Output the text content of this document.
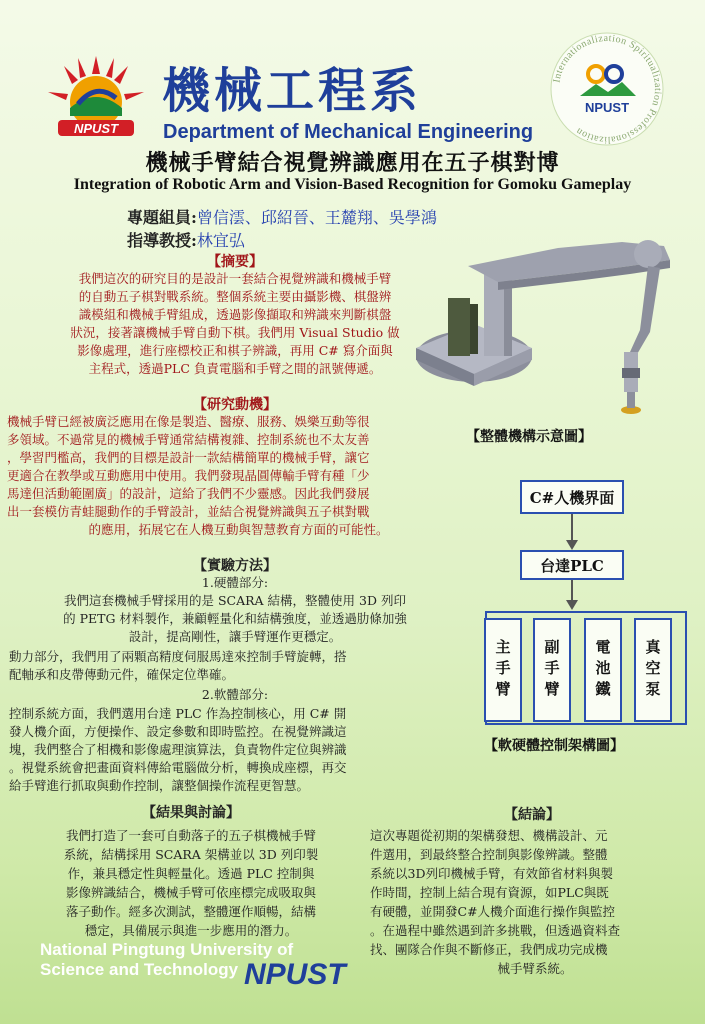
NPUST
機械工程系
Department of Mechanical Engineering
Internationalization Spiritualization Professionalization
NPUST
機械手臂結合視覺辨識應用在五子棋對博
Integration of Robotic Arm and Vision-Based Recognition for Gomoku Gameplay
專題組員:曾信澐、邱紹晉、王麓翔、吳學鴻
指導教授:林宜弘
【摘要】
我們這次的研究目的是設計一套結合視覺辨識和機械手臂
的自動五子棋對戰系統。整個系統主要由攝影機、棋盤辨
識模組和機械手臂組成，透過影像擷取和辨識來判斷棋盤
狀況，接著讓機械手臂自動下棋。我們用 Visual Studio 做
影像處理，進行座標校正和棋子辨識，再用 C# 寫介面與
主程式，透過PLC 負責電腦和手臂之間的訊號傳遞。
【整體機構示意圖】
【研究動機】
機械手臂已經被廣泛應用在像是製造、醫療、服務、娛樂互動等很
多領域。不過常見的機械手臂通常結構複雜、控制系統也不太友善
，學習門檻高，我們的目標是設計一款結構簡單的機械手臂，讓它
更適合在教學或互動應用中使用。我們發現晶圓傳輸手臂有種「少
馬達但活動範圍廣」的設計，這給了我們不少靈感。因此我們發展
出一套模仿青蛙腿動作的手臂設計，並結合視覺辨識與五子棋對戰
的應用，拓展它在人機互動與智慧教育方面的可能性。
【實驗方法】
1.硬體部分:
我們這套機械手臂採用的是 SCARA 結構，整體使用 3D 列印
的 PETG 材料製作，兼顧輕量化和結構強度，並透過肋條加強
設計，提高剛性，讓手臂運作更穩定。
動力部分，我們用了兩顆高精度伺服馬達來控制手臂旋轉，搭
配軸承和皮帶傳動元件，確保定位準確。
2.軟體部分:
控制系統方面，我們選用台達 PLC 作為控制核心，用 C# 開
發人機介面，方便操作、設定參數和即時監控。在視覺辨識這
塊，我們整合了相機和影像處理演算法，負責物件定位與辨識
。視覺系統會把畫面資料傳給電腦做分析，轉換成座標，再交
給手臂進行抓取與動作控制，讓整個操作流程更智慧。
C#人機界面
台達PLC
主手臂	副手臂	電池鐵	真空泵
【軟硬體控制架構圖】
【結果與討論】
我們打造了一套可自動落子的五子棋機械手臂
系統，結構採用 SCARA 架構並以 3D 列印製
作，兼具穩定性與輕量化。透過 PLC 控制與
影像辨識結合，機械手臂可依座標完成吸取與
落子動作。經多次測試，整體運作順暢，結構
穩定，具備展示與進一步應用的潛力。
【結論】
這次專題從初期的架構發想、機構設計、元
件選用，到最終整合控制與影像辨識。整體
系統以3D列印機械手臂，有效節省材料與製
作時間，控制上結合現有資源，如PLC與既
有硬體，並開發C#人機介面進行操作與監控
。在過程中雖然遇到許多挑戰，但透過資料查
找、團隊合作與不斷修正，我們成功完成機
械手臂系統。
National Pingtung University of
Science and Technology NPUST
